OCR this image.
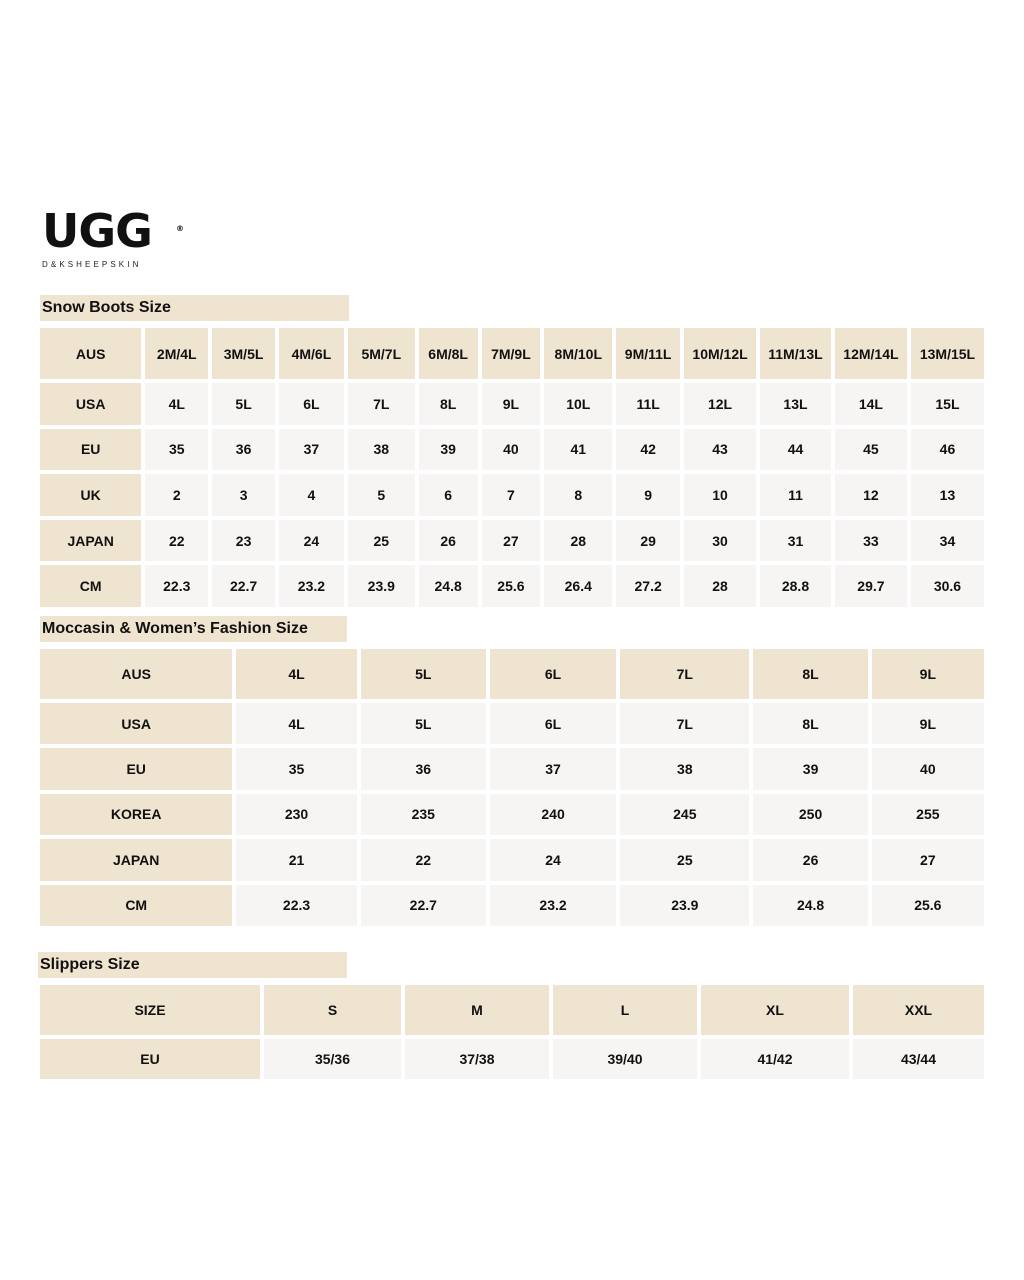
UGG	®
D&KSHEEPSKIN
Snow Boots Size
AUS	2M/4L	3M/5L	4M/6L	5M/7L	6M/8L	7M/9L	8M/10L	9M/11L	10M/12L	11M/13L	12M/14L	13M/15L
USA	4L	5L	6L	7L	8L	9L	10L	11L	12L	13L	14L	15L
EU	35	36	37	38	39	40	41	42	43	44	45	46
UK	2	3	4	5	6	7	8	9	10	11	12	13
JAPAN	22	23	24	25	26	27	28	29	30	31	33	34
CM	22.3	22.7	23.2	23.9	24.8	25.6	26.4	27.2	28	28.8	29.7	30.6
Moccasin & Women’s Fashion Size
AUS	4L	5L	6L	7L	8L	9L
USA	4L	5L	6L	7L	8L	9L
EU	35	36	37	38	39	40
KOREA	230	235	240	245	250	255
JAPAN	21	22	24	25	26	27
CM	22.3	22.7	23.2	23.9	24.8	25.6
Slippers Size
SIZE	S	M	L	XL	XXL
EU	35/36	37/38	39/40	41/42	43/44
